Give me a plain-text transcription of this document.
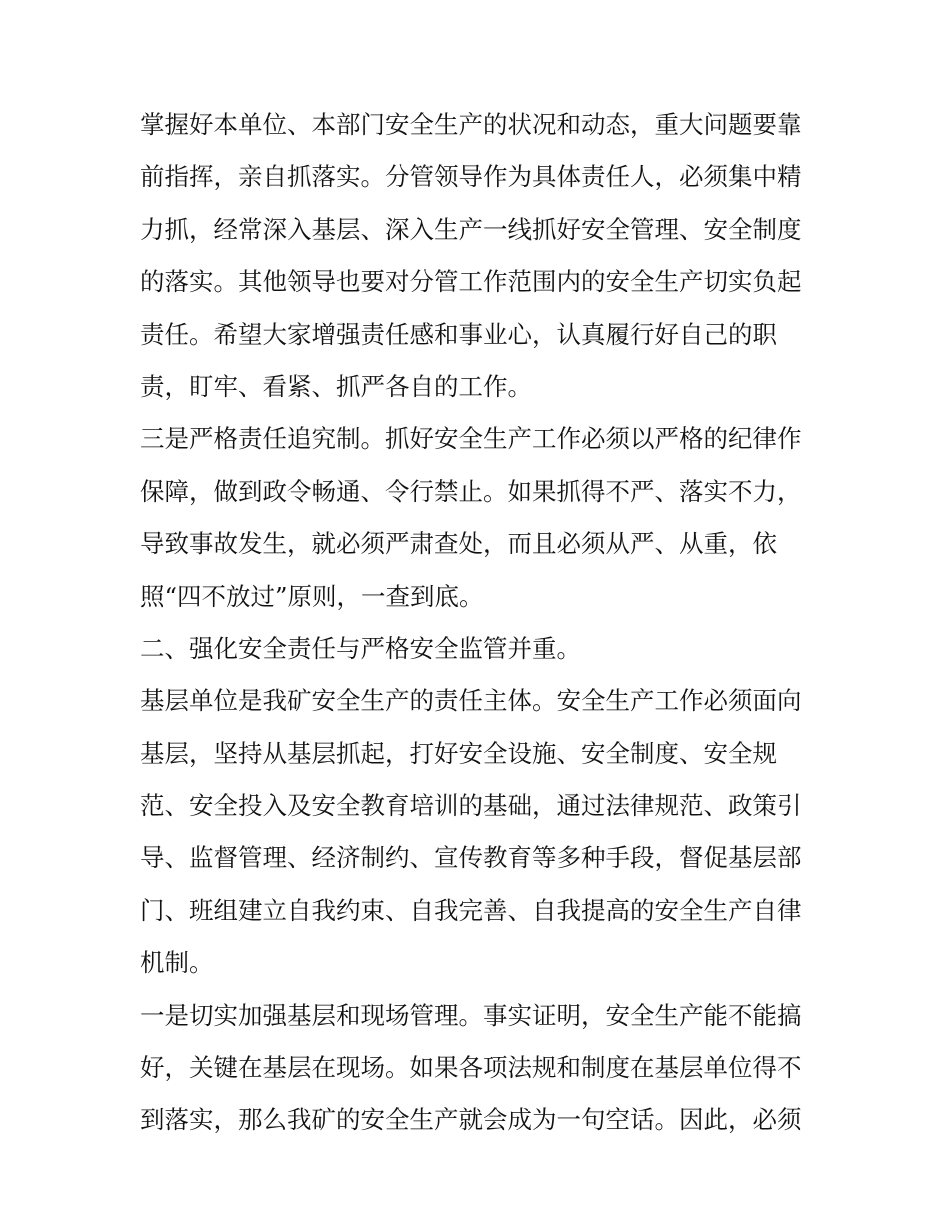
掌握好本单位、本部门安全生产的状况和动态，重大问题要靠
前指挥，亲自抓落实。分管领导作为具体责任人，必须集中精
力抓，经常深入基层、深入生产一线抓好安全管理、安全制度
的落实。其他领导也要对分管工作范围内的安全生产切实负起
责任。希望大家增强责任感和事业心，认真履行好自己的职
责，盯牢、看紧、抓严各自的工作。
三是严格责任追究制。抓好安全生产工作必须以严格的纪律作
保障，做到政令畅通、令行禁止。如果抓得不严、落实不力，
导致事故发生，就必须严肃查处，而且必须从严、从重，依
照“四不放过”原则，一查到底。
二、强化安全责任与严格安全监管并重。
基层单位是我矿安全生产的责任主体。安全生产工作必须面向
基层，坚持从基层抓起，打好安全设施、安全制度、安全规
范、安全投入及安全教育培训的基础，通过法律规范、政策引
导、监督管理、经济制约、宣传教育等多种手段，督促基层部
门、班组建立自我约束、自我完善、自我提高的安全生产自律
机制。
一是切实加强基层和现场管理。事实证明，安全生产能不能搞
好，关键在基层在现场。如果各项法规和制度在基层单位得不
到落实，那么我矿的安全生产就会成为一句空话。因此，必须
